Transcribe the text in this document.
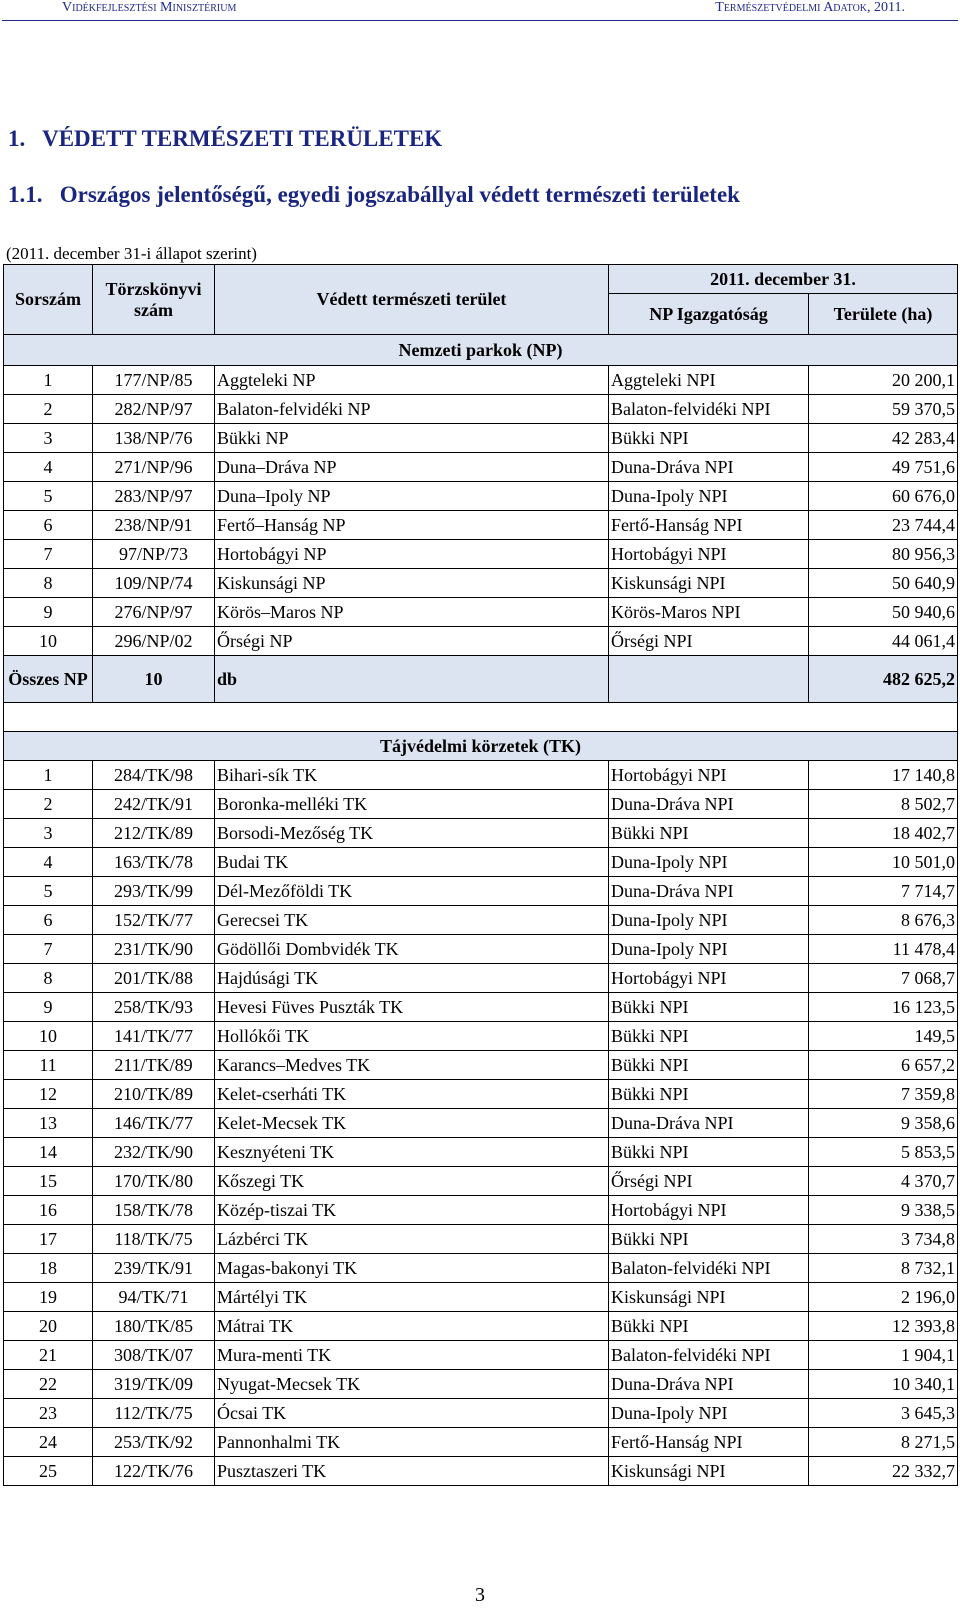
Vidékfejlesztési Minisztérium	Természetvédelmi Adatok, 2011.
1.   VÉDETT TERMÉSZETI TERÜLETEK
1.1.   Országos jelentőségű, egyedi jogszabállyal védett természeti területek
(2011. december 31-i állapot szerint)
Sorszám	Törzskönyvi szám	Védett természeti terület	2011. december 31.	
			NP Igazgatóság	Területe (ha)
Nemzeti parkok (NP)				
1	177/NP/85	Aggteleki NP	Aggteleki NPI	20 200,1
2	282/NP/97	Balaton-felvidéki NP	Balaton-felvidéki NPI	59 370,5
3	138/NP/76	Bükki NP	Bükki NPI	42 283,4
4	271/NP/96	Duna–Dráva NP	Duna-Dráva NPI	49 751,6
5	283/NP/97	Duna–Ipoly NP	Duna-Ipoly NPI	60 676,0
6	238/NP/91	Fertő–Hanság NP	Fertő-Hanság NPI	23 744,4
7	97/NP/73	Hortobágyi NP	Hortobágyi NPI	80 956,3
8	109/NP/74	Kiskunsági NP	Kiskunsági NPI	50 640,9
9	276/NP/97	Körös–Maros NP	Körös-Maros NPI	50 940,6
10	296/NP/02	Őrségi NP	Őrségi NPI	44 061,4
Összes NP	10	db		482 625,2

Tájvédelmi körzetek (TK)				
1	284/TK/98	Bihari-sík TK	Hortobágyi NPI	17 140,8
2	242/TK/91	Boronka-melléki TK	Duna-Dráva NPI	8 502,7
3	212/TK/89	Borsodi-Mezőség TK	Bükki NPI	18 402,7
4	163/TK/78	Budai TK	Duna-Ipoly NPI	10 501,0
5	293/TK/99	Dél-Mezőföldi TK	Duna-Dráva NPI	7 714,7
6	152/TK/77	Gerecsei TK	Duna-Ipoly NPI	8 676,3
7	231/TK/90	Gödöllői Dombvidék TK	Duna-Ipoly NPI	11 478,4
8	201/TK/88	Hajdúsági TK	Hortobágyi NPI	7 068,7
9	258/TK/93	Hevesi Füves Puszták TK	Bükki NPI	16 123,5
10	141/TK/77	Hollókői TK	Bükki NPI	149,5
11	211/TK/89	Karancs–Medves TK	Bükki NPI	6 657,2
12	210/TK/89	Kelet-cserháti TK	Bükki NPI	7 359,8
13	146/TK/77	Kelet-Mecsek TK	Duna-Dráva NPI	9 358,6
14	232/TK/90	Kesznyéteni TK	Bükki NPI	5 853,5
15	170/TK/80	Kőszegi TK	Őrségi NPI	4 370,7
16	158/TK/78	Közép-tiszai TK	Hortobágyi NPI	9 338,5
17	118/TK/75	Lázbérci TK	Bükki NPI	3 734,8
18	239/TK/91	Magas-bakonyi TK	Balaton-felvidéki NPI	8 732,1
19	94/TK/71	Mártélyi TK	Kiskunsági NPI	2 196,0
20	180/TK/85	Mátrai TK	Bükki NPI	12 393,8
21	308/TK/07	Mura-menti TK	Balaton-felvidéki NPI	1 904,1
22	319/TK/09	Nyugat-Mecsek TK	Duna-Dráva NPI	10 340,1
23	112/TK/75	Ócsai TK	Duna-Ipoly NPI	3 645,3
24	253/TK/92	Pannonhalmi TK	Fertő-Hanság NPI	8 271,5
25	122/TK/76	Pusztaszeri TK	Kiskunsági NPI	22 332,7
3
